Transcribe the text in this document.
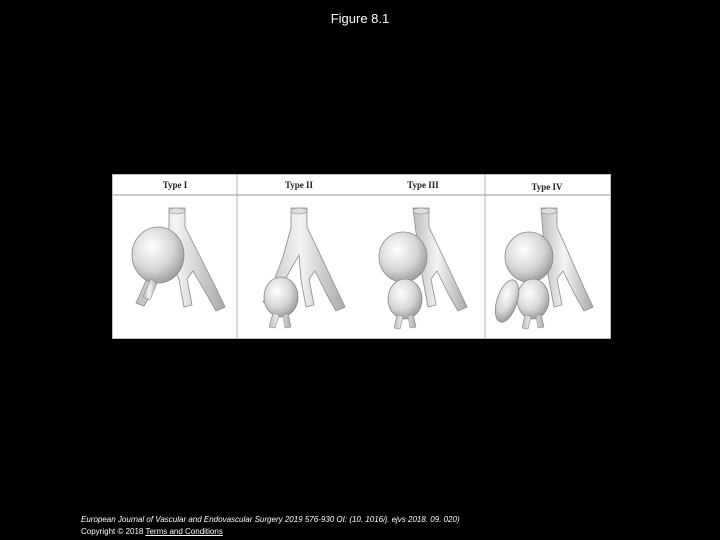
Figure 8.1
Type I	Type II	Type III	Type IV
European Journal of Vascular and Endovascular Surgery 2019 576-930 OI: (10. 1016/j. ejvs 2018. 09. 020)
Copyright © 2018 Terms and Conditions
